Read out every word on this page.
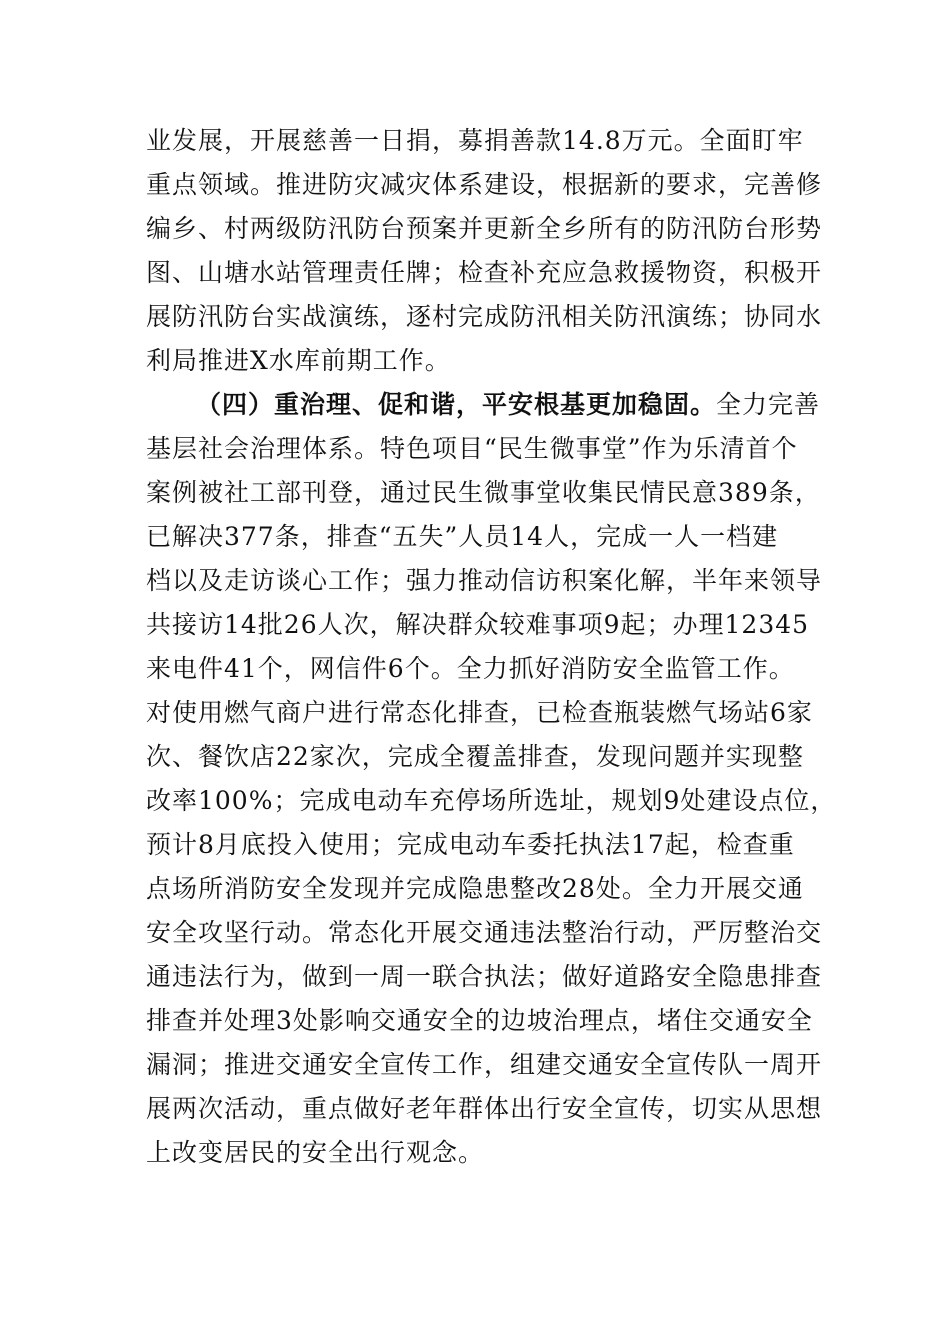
业发展，开展慈善一日捐，募捐善款14.8万元。全面盯牢
重点领域。推进防灾减灾体系建设，根据新的要求，完善修
编乡、村两级防汛防台预案并更新全乡所有的防汛防台形势
图、山塘水站管理责任牌；检查补充应急救援物资，积极开
展防汛防台实战演练，逐村完成防汛相关防汛演练；协同水
利局推进X水库前期工作。
（四）重治理、促和谐，平安根基更加稳固。全力完善
基层社会治理体系。特色项目“民生微事堂”作为乐清首个
案例被社工部刊登，通过民生微事堂收集民情民意389条，
已解决377条，排查“五失”人员14人，完成一人一档建
档以及走访谈心工作；强力推动信访积案化解，半年来领导
共接访14批26人次，解决群众较难事项9起；办理12345
来电件41个，网信件6个。全力抓好消防安全监管工作。
对使用燃气商户进行常态化排查，已检查瓶装燃气场站6家
次、餐饮店22家次，完成全覆盖排查，发现问题并实现整
改率100%；完成电动车充停场所选址，规划9处建设点位，
预计8月底投入使用；完成电动车委托执法17起，检查重
点场所消防安全发现并完成隐患整改28处。全力开展交通
安全攻坚行动。常态化开展交通违法整治行动，严厉整治交
通违法行为，做到一周一联合执法；做好道路安全隐患排查
排查并处理3处影响交通安全的边坡治理点，堵住交通安全
漏洞；推进交通安全宣传工作，组建交通安全宣传队一周开
展两次活动，重点做好老年群体出行安全宣传，切实从思想
上改变居民的安全出行观念。
